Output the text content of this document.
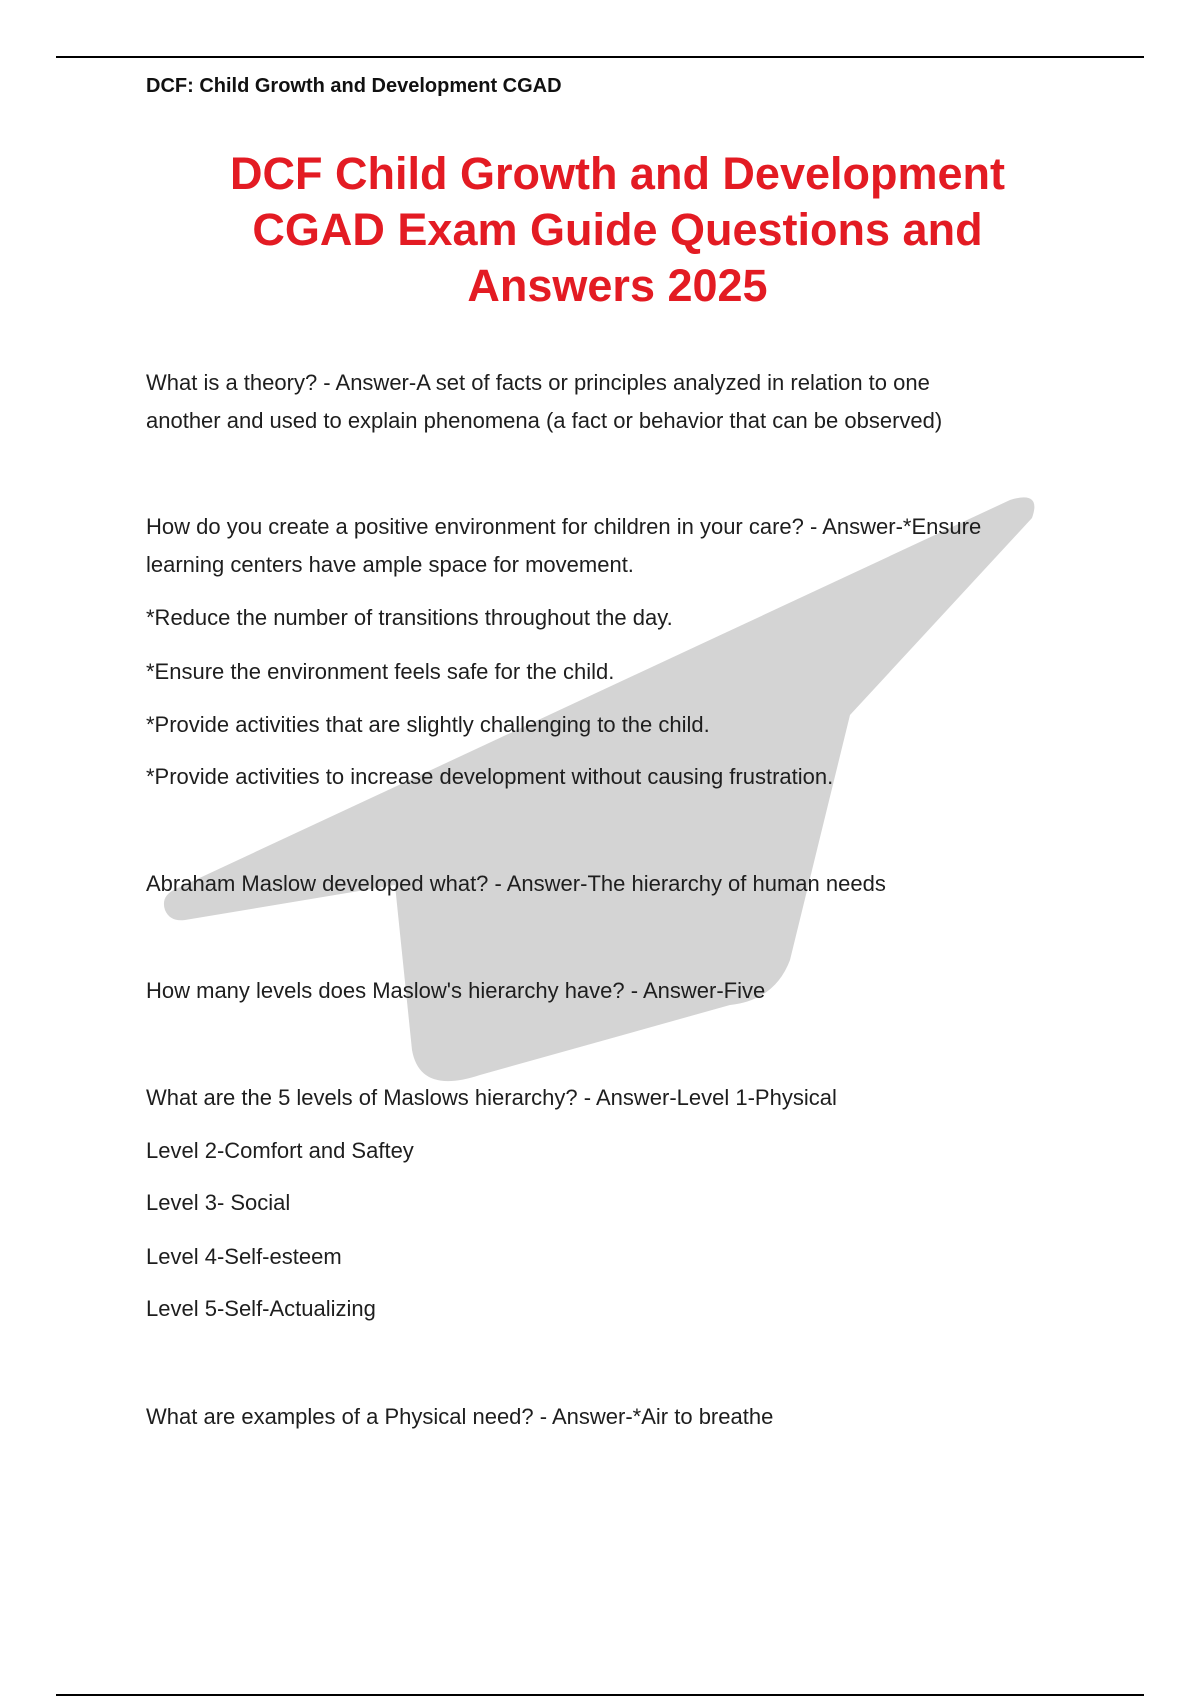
DCF: Child Growth and Development CGAD
DCF Child Growth and Development
CGAD Exam Guide Questions and
Answers 2025
What is a theory? - Answer-A set of facts or principles analyzed in relation to one
another and used to explain phenomena (a fact or behavior that can be observed)
How do you create a positive environment for children in your care? - Answer-*Ensure
learning centers have ample space for movement.
*Reduce the number of transitions throughout the day.
*Ensure the environment feels safe for the child.
*Provide activities that are slightly challenging to the child.
*Provide activities to increase development without causing frustration.
Abraham Maslow developed what? - Answer-The hierarchy of human needs
How many levels does Maslow's hierarchy have? - Answer-Five
What are the 5 levels of Maslows hierarchy? - Answer-Level 1-Physical
Level 2-Comfort and Saftey
Level 3- Social
Level 4-Self-esteem
Level 5-Self-Actualizing
What are examples of a Physical need? - Answer-*Air to breathe
